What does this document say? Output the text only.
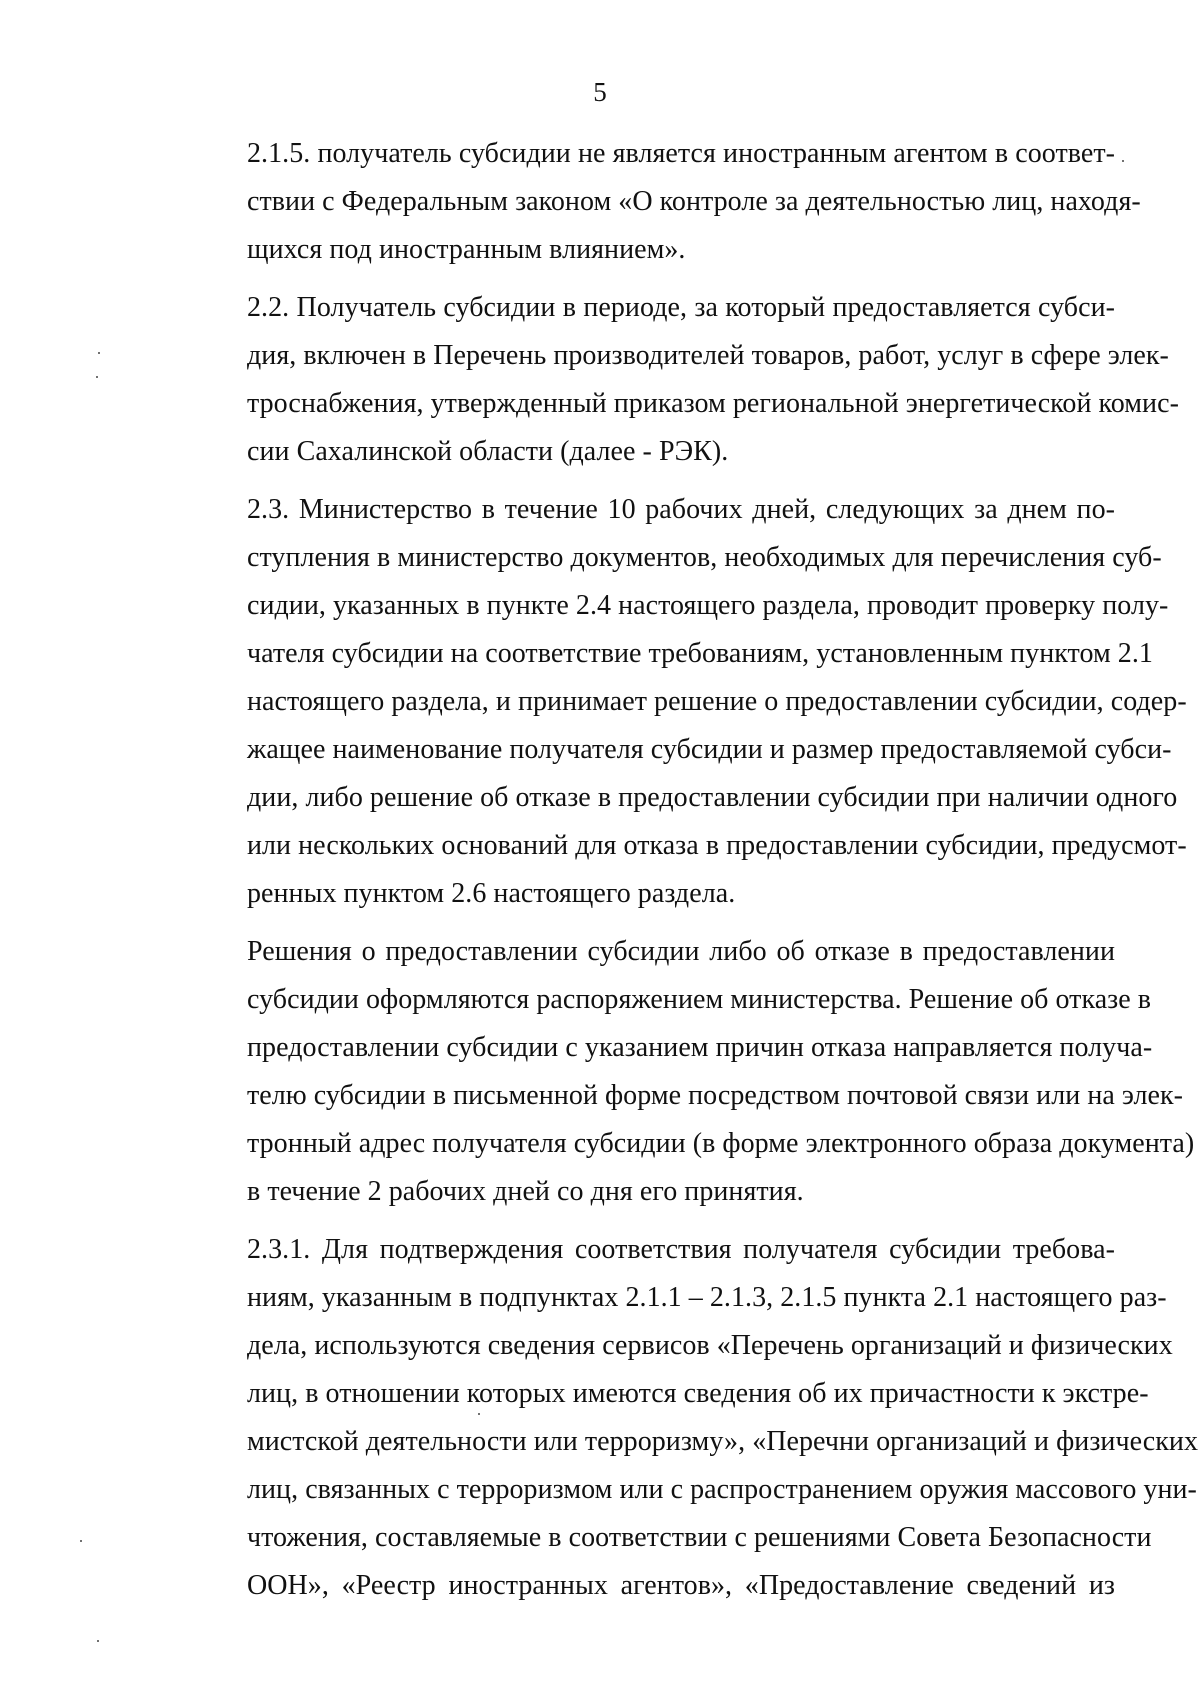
5
2.1.5. получатель субсидии не является иностранным агентом в соответ-
ствии с Федеральным законом «О контроле за деятельностью лиц, находя-
щихся под иностранным влиянием».
2.2. Получатель субсидии в периоде, за который предоставляется субси-
дия, включен в Перечень производителей товаров, работ, услуг в сфере элек-
троснабжения, утвержденный приказом региональной энергетической комис-
сии Сахалинской области (далее - РЭК).
2.3. Министерство в течение 10 рабочих дней, следующих за днем по-
ступления в министерство документов, необходимых для перечисления суб-
сидии, указанных в пункте 2.4 настоящего раздела, проводит проверку полу-
чателя субсидии на соответствие требованиям, установленным пунктом 2.1
настоящего раздела, и принимает решение о предоставлении субсидии, содер-
жащее наименование получателя субсидии и размер предоставляемой субси-
дии, либо решение об отказе в предоставлении субсидии при наличии одного
или нескольких оснований для отказа в предоставлении субсидии, предусмот-
ренных пунктом 2.6 настоящего раздела.
Решения о предоставлении субсидии либо об отказе в предоставлении
субсидии оформляются распоряжением министерства. Решение об отказе в
предоставлении субсидии с указанием причин отказа направляется получа-
телю субсидии в письменной форме посредством почтовой связи или на элек-
тронный адрес получателя субсидии (в форме электронного образа документа)
в течение 2 рабочих дней со дня его принятия.
2.3.1. Для подтверждения соответствия получателя субсидии требова-
ниям, указанным в подпунктах 2.1.1 – 2.1.3, 2.1.5 пункта 2.1 настоящего раз-
дела, используются сведения сервисов «Перечень организаций и физических
лиц, в отношении которых имеются сведения об их причастности к экстре-
мистской деятельности или терроризму», «Перечни организаций и физических
лиц, связанных с терроризмом или с распространением оружия массового уни-
чтожения, составляемые в соответствии с решениями Совета Безопасности
ООН», «Реестр иностранных агентов», «Предоставление сведений из
